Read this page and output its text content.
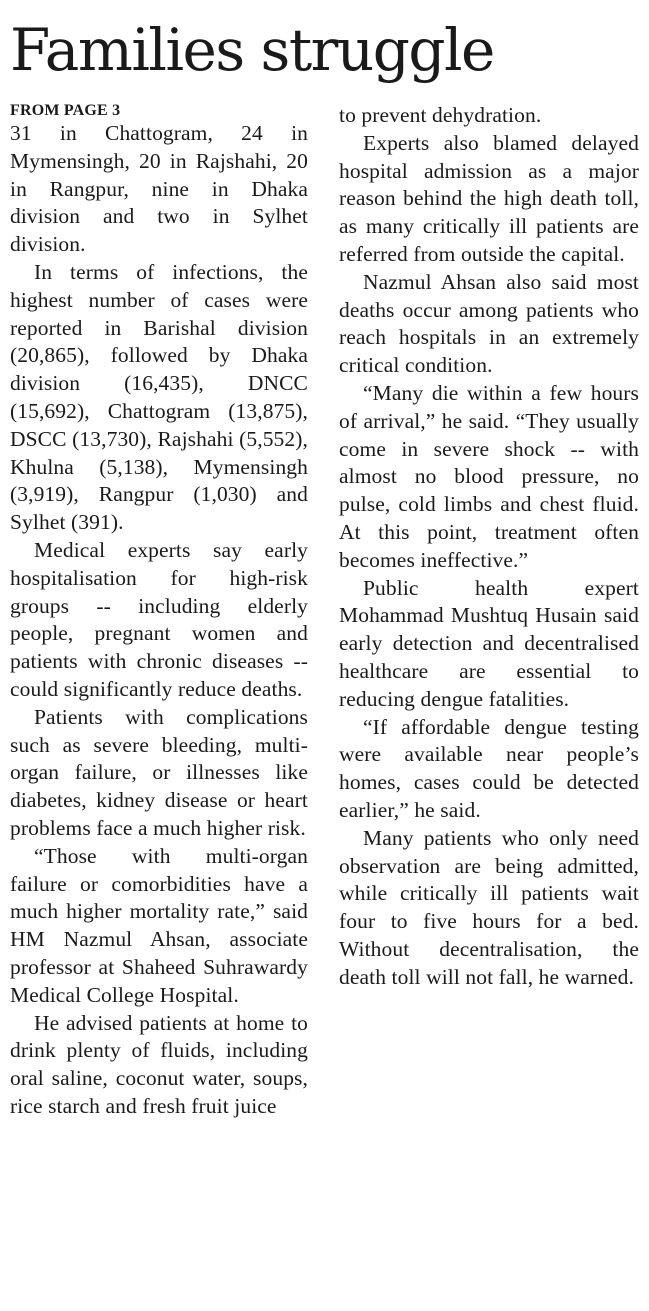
Families struggle
FROM PAGE 3

31 in Chattogram, 24 in Mymensingh, 20 in Rajshahi, 20 in Rangpur, nine in Dhaka division and two in Sylhet division.

In terms of infections, the highest number of cases were reported in Barishal division (20,865), followed by Dhaka division (16,435), DNCC (15,692), Chattogram (13,875), DSCC (13,730), Rajshahi (5,552), Khulna (5,138), Mymensingh (3,919), Rangpur (1,030) and Sylhet (391).

Medical experts say early hospitalisation for high-risk groups -- including elderly people, pregnant women and patients with chronic diseases -- could significantly reduce deaths.

Patients with complications such as severe bleeding, multi-organ failure, or illnesses like diabetes, kidney disease or heart problems face a much higher risk.

“Those with multi-organ failure or comorbidities have a much higher mortality rate,” said HM Nazmul Ahsan, associate professor at Shaheed Suhrawardy Medical College Hospital.

He advised patients at home to drink plenty of fluids, including oral saline, coconut water, soups, rice starch and fresh fruit juice

to prevent dehydration.

Experts also blamed delayed hospital admission as a major reason behind the high death toll, as many critically ill patients are referred from outside the capital.

Nazmul Ahsan also said most deaths occur among patients who reach hospitals in an extremely critical condition.

“Many die within a few hours of arrival,” he said. “They usually come in severe shock -- with almost no blood pressure, no pulse, cold limbs and chest fluid. At this point, treatment often becomes ineffective.”

Public health expert Mohammad Mushtuq Husain said early detection and decentralised healthcare are essential to reducing dengue fatalities.

“If affordable dengue testing were available near people’s homes, cases could be detected earlier,” he said.

Many patients who only need observation are being admitted, while critically ill patients wait four to five hours for a bed. Without decentralisation, the death toll will not fall, he warned.
